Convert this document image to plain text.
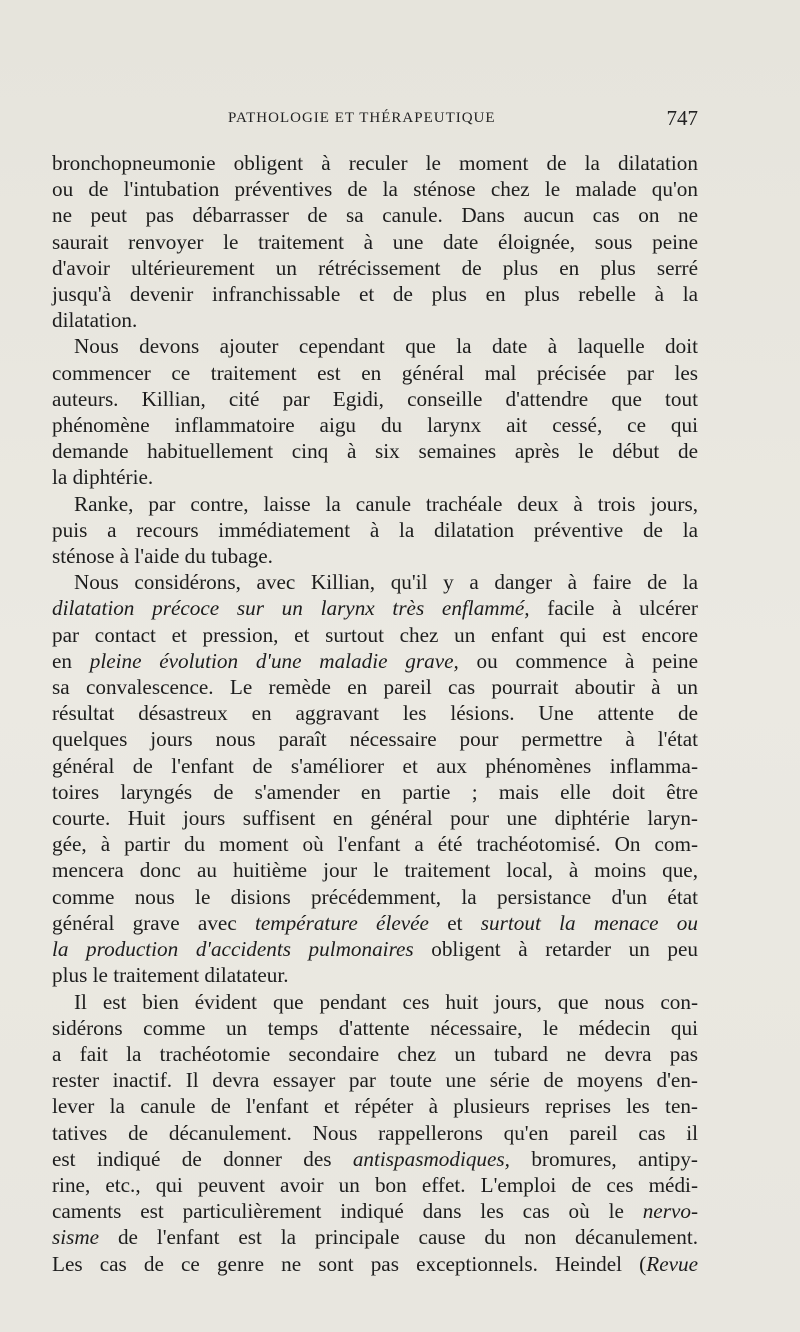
PATHOLOGIE ET THÉRAPEUTIQUE	747

bronchopneumonie obligent à reculer le moment de la dilatation
ou de l'intubation préventives de la sténose chez le malade qu'on
ne peut pas débarrasser de sa canule. Dans aucun cas on ne
saurait renvoyer le traitement à une date éloignée, sous peine
d'avoir ultérieurement un rétrécissement de plus en plus serré
jusqu'à devenir infranchissable et de plus en plus rebelle à la
dilatation.

Nous devons ajouter cependant que la date à laquelle doit
commencer ce traitement est en général mal précisée par les
auteurs. Killian, cité par Egidi, conseille d'attendre que tout
phénomène inflammatoire aigu du larynx ait cessé, ce qui
demande habituellement cinq à six semaines après le début de
la diphtérie.

Ranke, par contre, laisse la canule trachéale deux à trois jours,
puis a recours immédiatement à la dilatation préventive de la
sténose à l'aide du tubage.

Nous considérons, avec Killian, qu'il y a danger à faire de la
dilatation précoce sur un larynx très enflammé, facile à ulcérer
par contact et pression, et surtout chez un enfant qui est encore
en pleine évolution d'une maladie grave, ou commence à peine
sa convalescence. Le remède en pareil cas pourrait aboutir à un
résultat désastreux en aggravant les lésions. Une attente de
quelques jours nous paraît nécessaire pour permettre à l'état
général de l'enfant de s'améliorer et aux phénomènes inflamma-
toires laryngés de s'amender en partie ; mais elle doit être
courte. Huit jours suffisent en général pour une diphtérie laryn-
gée, à partir du moment où l'enfant a été trachéotomisé. On com-
mencera donc au huitième jour le traitement local, à moins que,
comme nous le disions précédemment, la persistance d'un état
général grave avec température élevée et surtout la menace ou
la production d'accidents pulmonaires obligent à retarder un peu
plus le traitement dilatateur.

Il est bien évident que pendant ces huit jours, que nous con-
sidérons comme un temps d'attente nécessaire, le médecin qui
a fait la trachéotomie secondaire chez un tubard ne devra pas
rester inactif. Il devra essayer par toute une série de moyens d'en-
lever la canule de l'enfant et répéter à plusieurs reprises les ten-
tatives de décanulement. Nous rappellerons qu'en pareil cas il
est indiqué de donner des antispasmodiques, bromures, antipy-
rine, etc., qui peuvent avoir un bon effet. L'emploi de ces médi-
caments est particulièrement indiqué dans les cas où le nervo-
sisme de l'enfant est la principale cause du non décanulement.
Les cas de ce genre ne sont pas exceptionnels. Heindel (Revue
